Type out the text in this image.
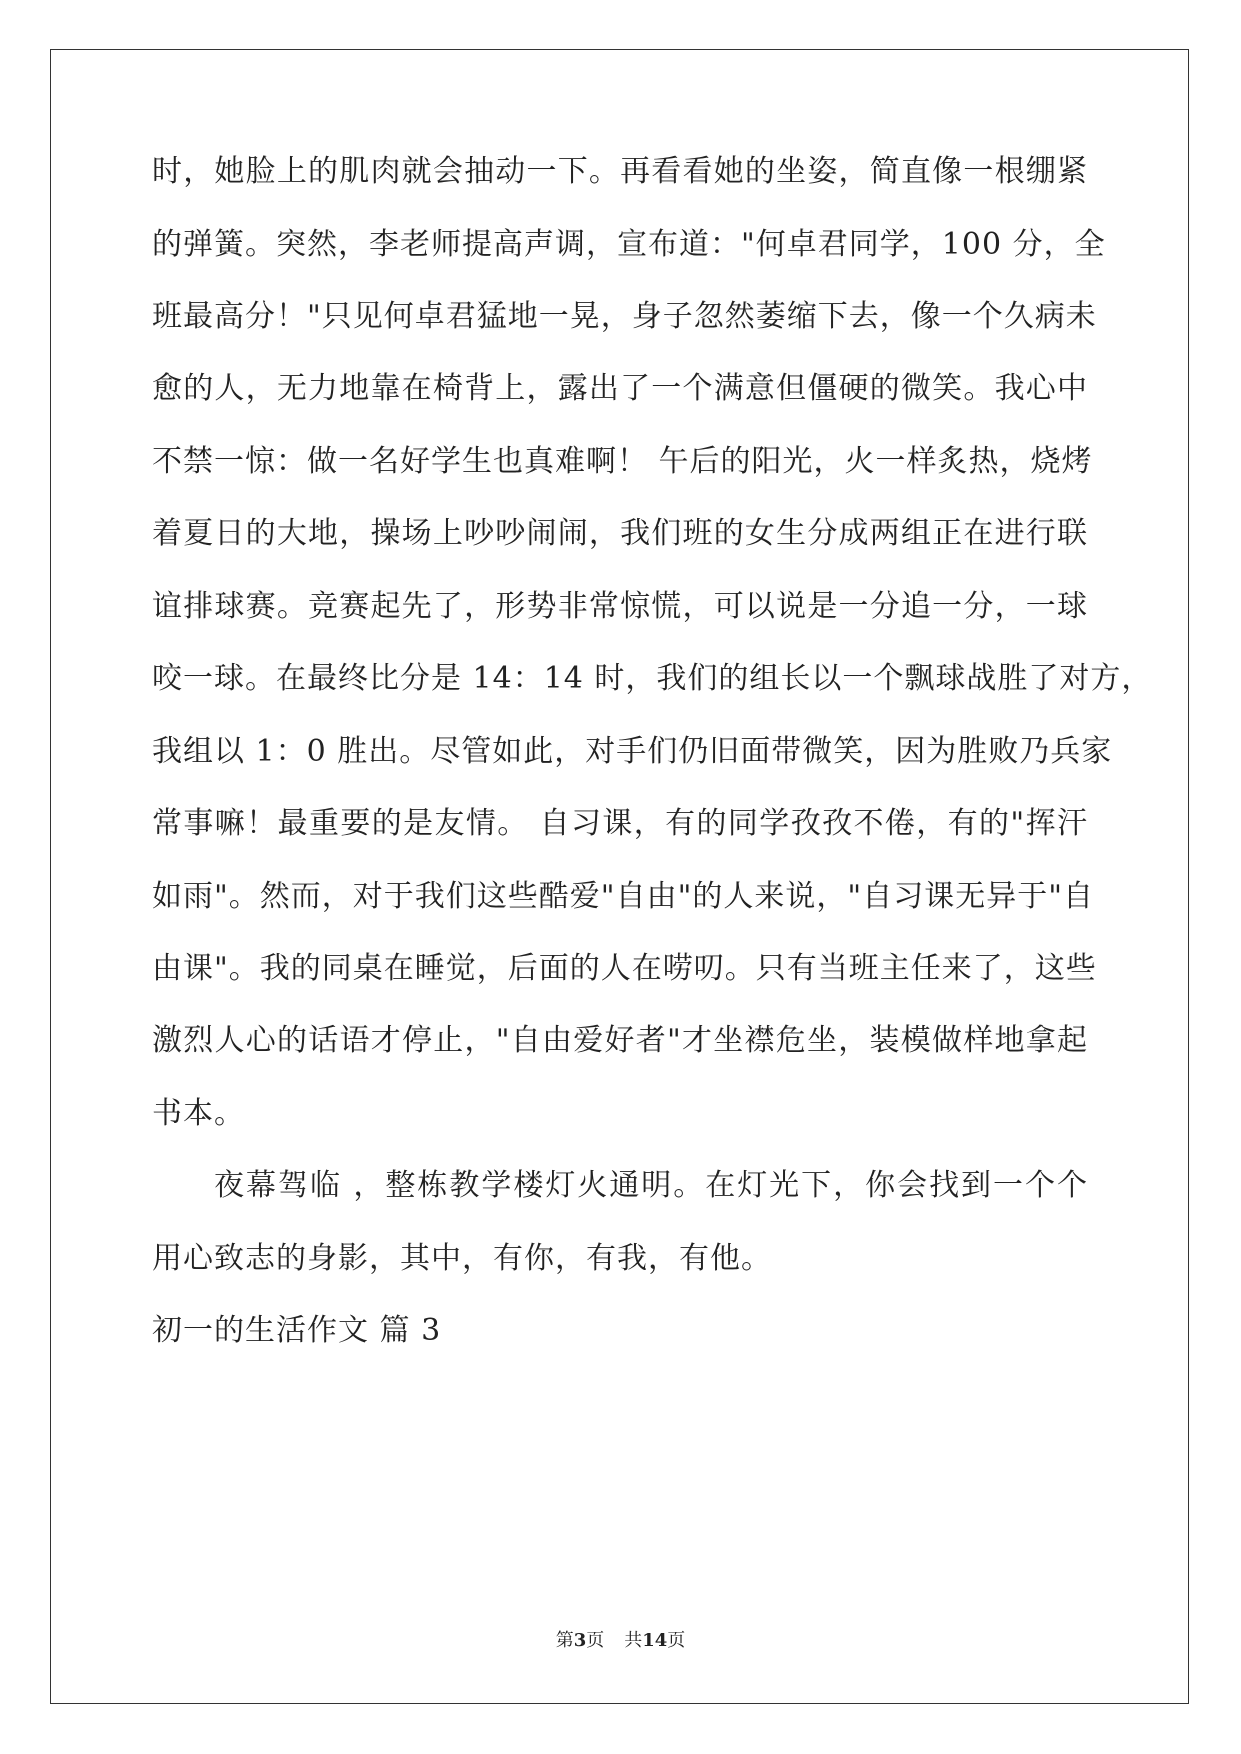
时，她脸上的肌肉就会抽动一下。再看看她的坐姿，简直像一根绷紧
的弹簧。突然，李老师提高声调，宣布道："何卓君同学，100 分，全
班最高分！"只见何卓君猛地一晃，身子忽然萎缩下去，像一个久病未
愈的人，无力地靠在椅背上，露出了一个满意但僵硬的微笑。我心中
不禁一惊：做一名好学生也真难啊！ 午后的阳光，火一样炙热，烧烤
着夏日的大地，操场上吵吵闹闹，我们班的女生分成两组正在进行联
谊排球赛。竞赛起先了，形势非常惊慌，可以说是一分追一分，一球
咬一球。在最终比分是 14：14 时，我们的组长以一个飘球战胜了对方，
我组以 1：0 胜出。尽管如此，对手们仍旧面带微笑，因为胜败乃兵家
常事嘛！最重要的是友情。 自习课，有的同学孜孜不倦，有的"挥汗
如雨"。然而，对于我们这些酷爱"自由"的人来说，"自习课无异于"自
由课"。我的同桌在睡觉，后面的人在唠叨。只有当班主任来了，这些
激烈人心的话语才停止，"自由爱好者"才坐襟危坐，装模做样地拿起
书本。
夜幕驾临 ，整栋教学楼灯火通明。在灯光下，你会找到一个个
用心致志的身影，其中，有你，有我，有他。
初一的生活作文 篇 3
第3页 共14页
